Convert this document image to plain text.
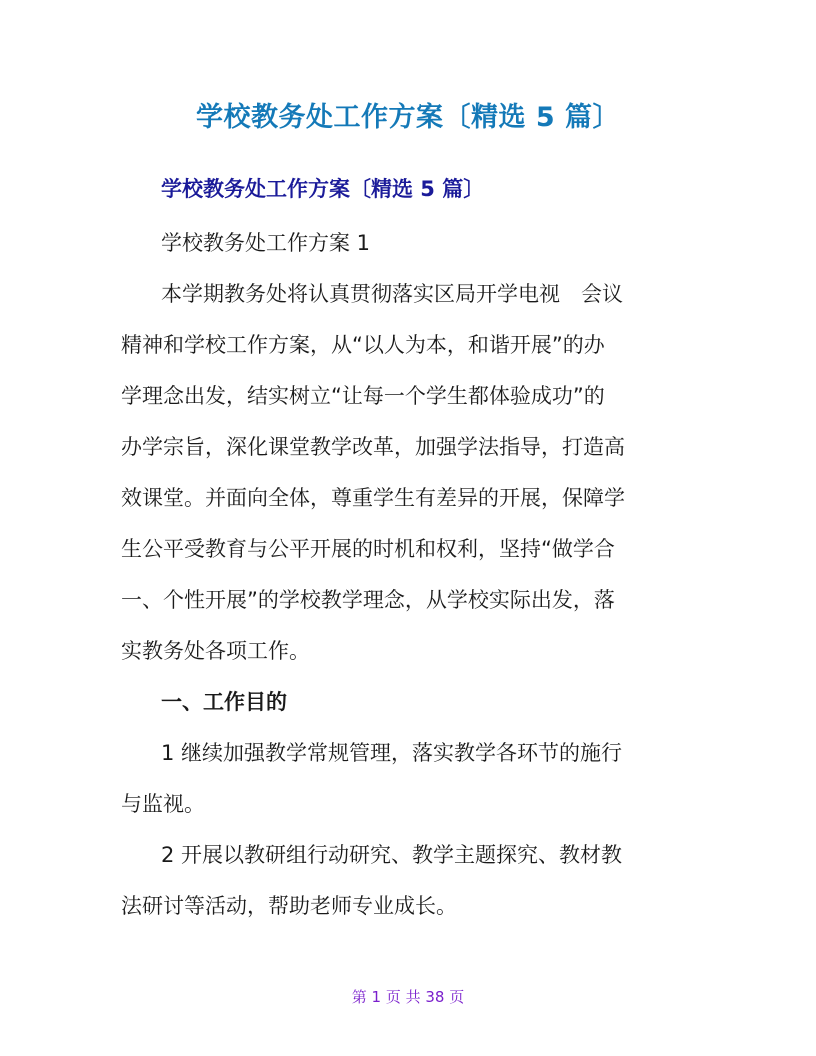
学校教务处工作方案〔精选 5 篇〕
学校教务处工作方案〔精选 5 篇〕
学校教务处工作方案 1
本学期教务处将认真贯彻落实区局开学电视　会议
精神和学校工作方案，从“以人为本，和谐开展”的办
学理念出发，结实树立“让每一个学生都体验成功”的
办学宗旨，深化课堂教学改革，加强学法指导，打造高
效课堂。并面向全体，尊重学生有差异的开展，保障学
生公平受教育与公平开展的时机和权利，坚持“做学合
一、个性开展”的学校教学理念，从学校实际出发，落
实教务处各项工作。
一、工作目的
1 继续加强教学常规管理，落实教学各环节的施行
与监视。
2 开展以教研组行动研究、教学主题探究、教材教
法研讨等活动，帮助老师专业成长。
第 1 页 共 38 页
